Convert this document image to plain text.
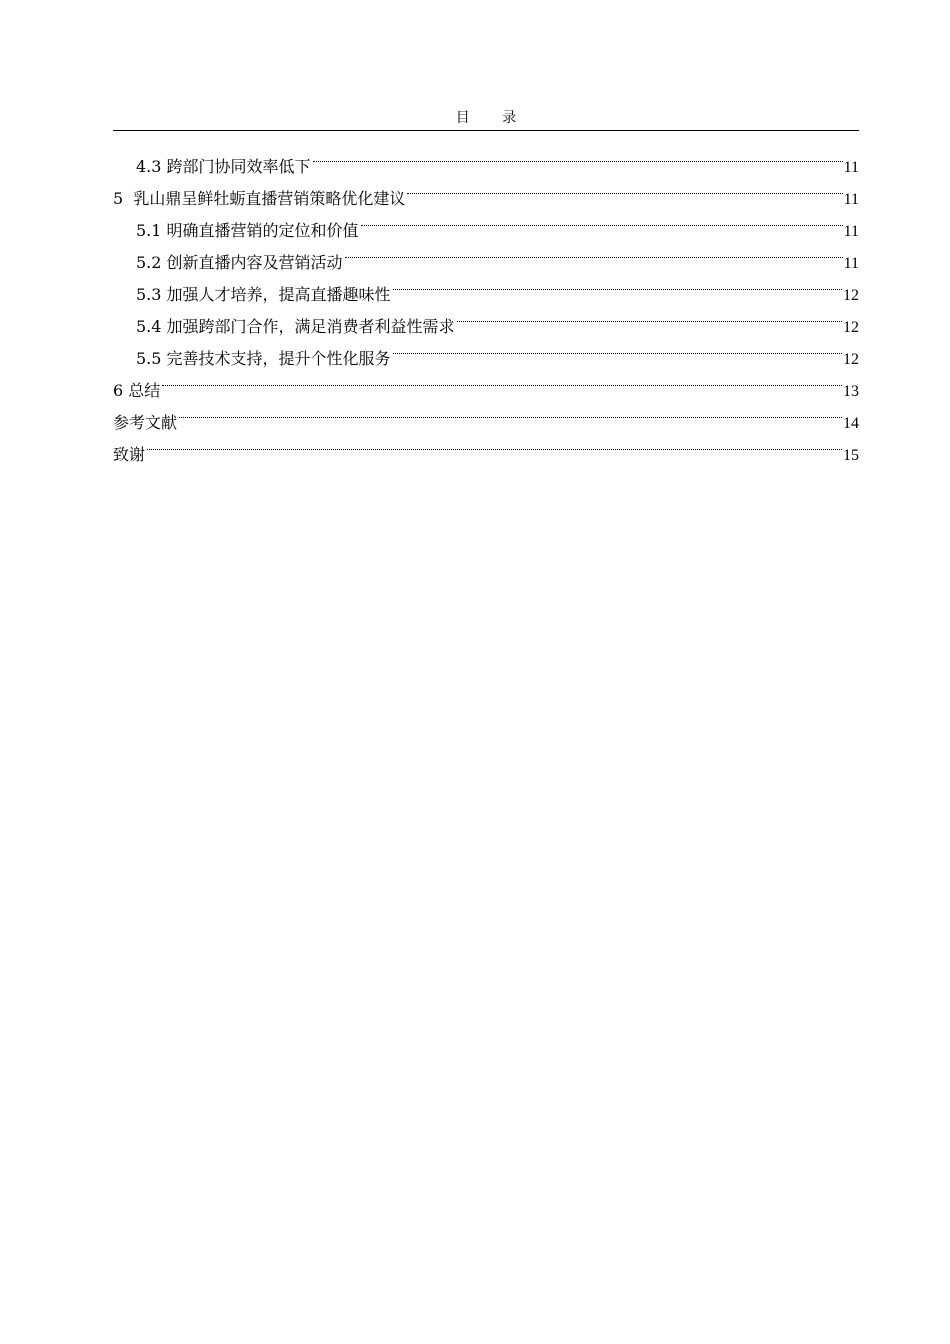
目 录
4.3 跨部门协同效率低下	11
5  乳山鼎呈鲜牡蛎直播营销策略优化建议	11
5.1 明确直播营销的定位和价值	11
5.2 创新直播内容及营销活动	11
5.3 加强人才培养，提高直播趣味性	12
5.4 加强跨部门合作，满足消费者利益性需求	12
5.5 完善技术支持，提升个性化服务	12
6 总结	13
参考文献	14
致谢	15
